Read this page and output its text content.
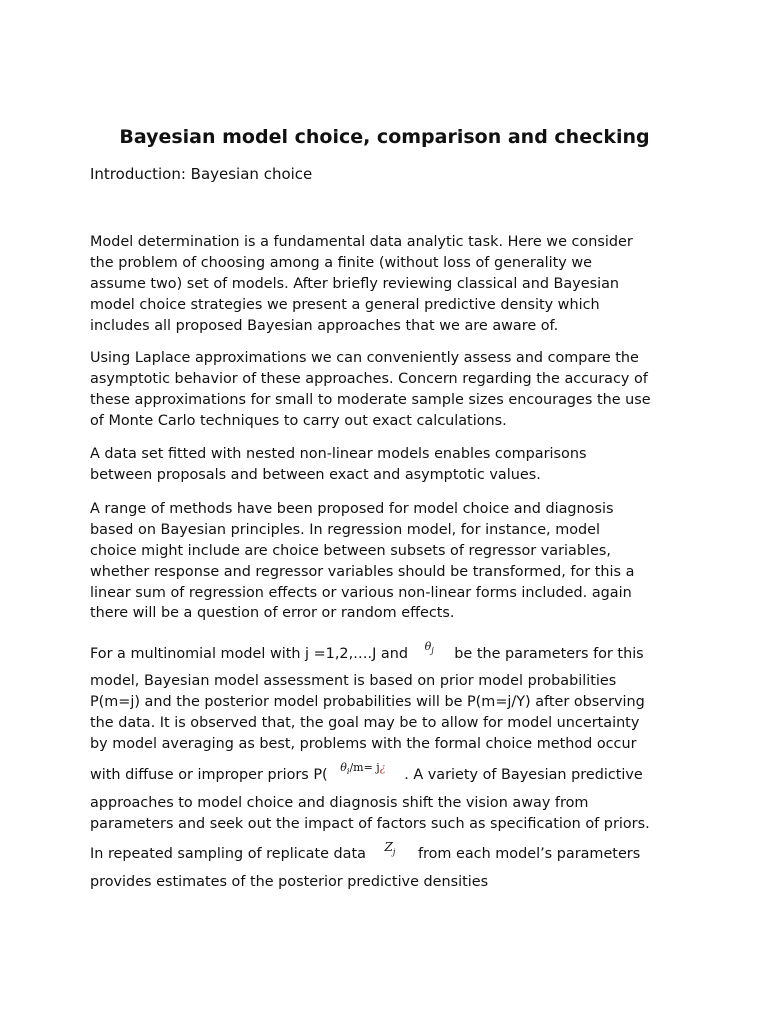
Bayesian model choice, comparison and checking
Introduction: Bayesian choice

Model determination is a fundamental data analytic task. Here we consider
the problem of choosing among a finite (without loss of generality we
assume two) set of models. After briefly reviewing classical and Bayesian
model choice strategies we present a general predictive density which
includes all proposed Bayesian approaches that we are aware of.

Using Laplace approximations we can conveniently assess and compare the
asymptotic behavior of these approaches. Concern regarding the accuracy of
these approximations for small to moderate sample sizes encourages the use
of Monte Carlo techniques to carry out exact calculations.

A data set fitted with nested non-linear models enables comparisons
between proposals and between exact and asymptotic values.

A range of methods have been proposed for model choice and diagnosis
based on Bayesian principles. In regression model, for instance, model
choice might include are choice between subsets of regressor variables,
whether response and regressor variables should be transformed, for this a
linear sum of regression effects or various non-linear forms included. again
there will be a question of error or random effects.

For a multinomial model with j =1,2,….J and $\theta_j$ be the parameters for this

model, Bayesian model assessment is based on prior model probabilities
P(m=j) and the posterior model probabilities will be P(m=j/Y) after observing
the data. It is observed that, the goal may be to allow for model uncertainty
by model averaging as best, problems with the formal choice method occur

with diffuse or improper priors P( $\theta_i/m=$ j¿ . A variety of Bayesian predictive

approaches to model choice and diagnosis shift the vision away from
parameters and seek out the impact of factors such as specification of priors.

In repeated sampling of replicate data $Z_j$ from each model’s parameters

provides estimates of the posterior predictive densities
